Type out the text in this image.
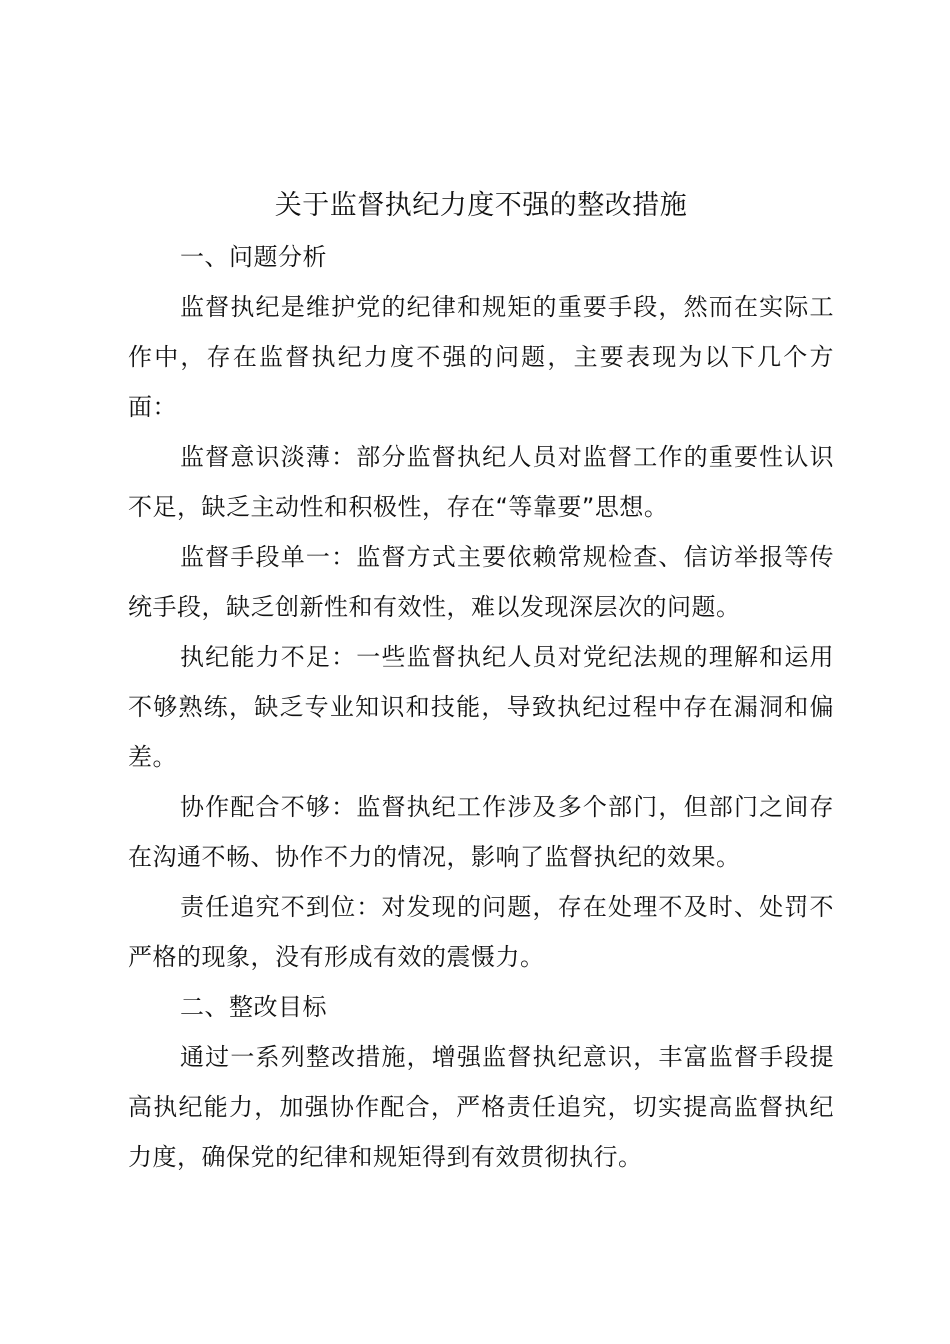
关于监督执纪力度不强的整改措施

一、问题分析

监督执纪是维护党的纪律和规矩的重要手段，然而在实际工作中，存在监督执纪力度不强的问题，主要表现为以下几个方面：

监督意识淡薄：部分监督执纪人员对监督工作的重要性认识不足，缺乏主动性和积极性，存在“等靠要”思想。

监督手段单一：监督方式主要依赖常规检查、信访举报等传统手段，缺乏创新性和有效性，难以发现深层次的问题。

执纪能力不足：一些监督执纪人员对党纪法规的理解和运用不够熟练，缺乏专业知识和技能，导致执纪过程中存在漏洞和偏差。

协作配合不够：监督执纪工作涉及多个部门，但部门之间存在沟通不畅、协作不力的情况，影响了监督执纪的效果。

责任追究不到位：对发现的问题，存在处理不及时、处罚不严格的现象，没有形成有效的震慑力。

二、整改目标

通过一系列整改措施，增强监督执纪意识，丰富监督手段提高执纪能力，加强协作配合，严格责任追究，切实提高监督执纪力度，确保党的纪律和规矩得到有效贯彻执行。
